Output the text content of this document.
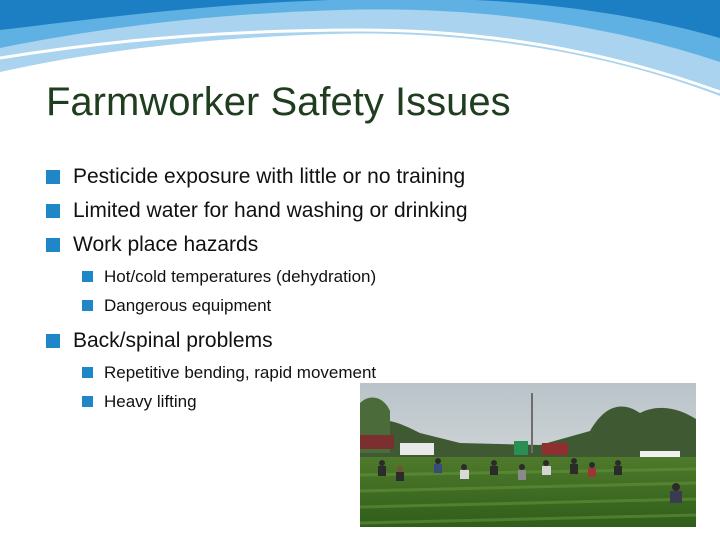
Farmworker Safety Issues
Pesticide exposure with little or no training
Limited water for hand washing or drinking
Work place hazards
Hot/cold temperatures (dehydration)
Dangerous equipment
Back/spinal problems
Repetitive bending, rapid movement
Heavy lifting
